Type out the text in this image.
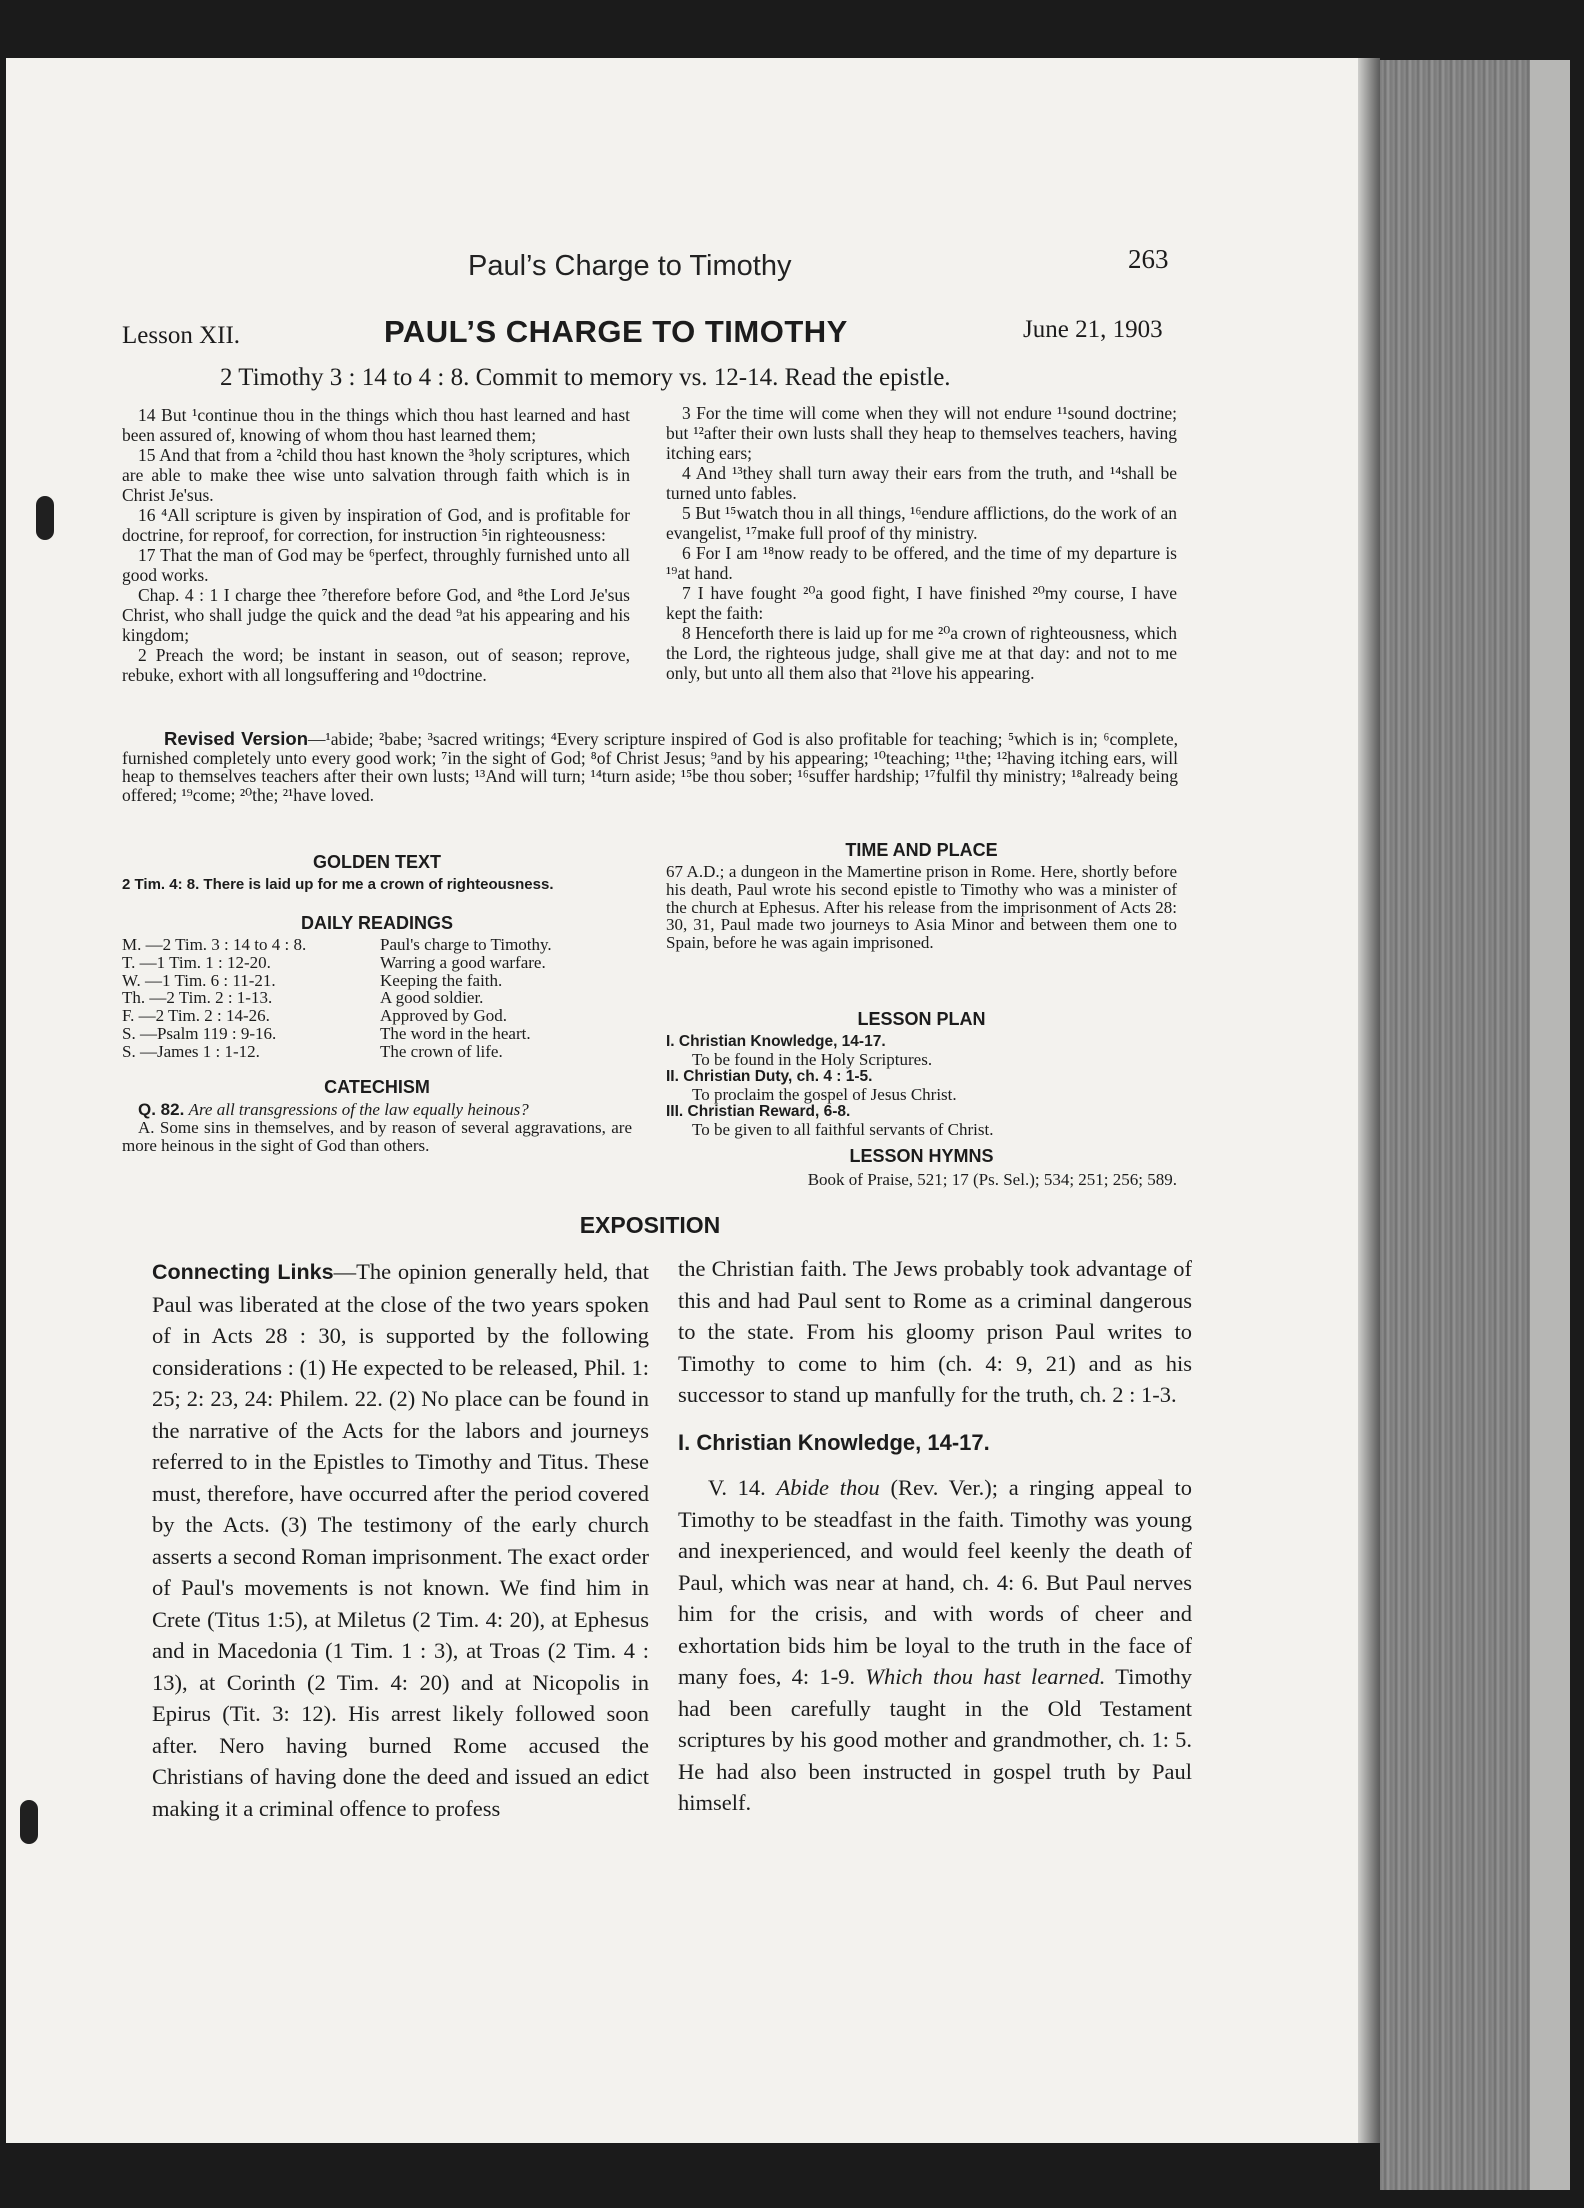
Paul’s Charge to Timothy	263
Lesson XII.	PAUL’S CHARGE TO TIMOTHY	June 21, 1903
2 Timothy 3 : 14 to 4 : 8. Commit to memory vs. 12-14. Read the epistle.

14 But ¹continue thou in the things which thou hast learned and hast been assured of, knowing of whom thou hast learned them;

15 And that from a ²child thou hast known the ³holy scriptures, which are able to make thee wise unto salvation through faith which is in Christ Je'sus.

16 ⁴All scripture is given by inspiration of God, and is profitable for doctrine, for reproof, for correction, for instruction ⁵in righteousness:

17 That the man of God may be ⁶perfect, throughly furnished unto all good works.

Chap. 4 : 1 I charge thee ⁷therefore before God, and ⁸the Lord Je'sus Christ, who shall judge the quick and the dead ⁹at his appearing and his kingdom;

2 Preach the word; be instant in season, out of season; reprove, rebuke, exhort with all longsuffering and ¹⁰doctrine.

3 For the time will come when they will not endure ¹¹sound doctrine; but ¹²after their own lusts shall they heap to themselves teachers, having itching ears;

4 And ¹³they shall turn away their ears from the truth, and ¹⁴shall be turned unto fables.

5 But ¹⁵watch thou in all things, ¹⁶endure afflictions, do the work of an evangelist, ¹⁷make full proof of thy ministry.

6 For I am ¹⁸now ready to be offered, and the time of my departure is ¹⁹at hand.

7 I have fought ²⁰a good fight, I have finished ²⁰my course, I have kept the faith:

8 Henceforth there is laid up for me ²⁰a crown of righteousness, which the Lord, the righteous judge, shall give me at that day: and not to me only, but unto all them also that ²¹love his appearing.

Revised Version—¹abide; ²babe; ³sacred writings; ⁴Every scripture inspired of God is also profitable for teaching; ⁵which is in; ⁶complete, furnished completely unto every good work; ⁷in the sight of God; ⁸of Christ Jesus; ⁹and by his appearing; ¹⁰teaching; ¹¹the; ¹²having itching ears, will heap to themselves teachers after their own lusts; ¹³And will turn; ¹⁴turn aside; ¹⁵be thou sober; ¹⁶suffer hardship; ¹⁷fulfil thy ministry; ¹⁸already being offered; ¹⁹come; ²⁰the; ²¹have loved.
GOLDEN TEXT
2 Tim. 4: 8. There is laid up for me a crown of righteousness.
DAILY READINGS
M. —2 Tim. 3 : 14 to 4 : 8.	Paul's charge to Timothy.
T. —1 Tim. 1 : 12-20.	Warring a good warfare.
W. —1 Tim. 6 : 11-21.	Keeping the faith.
Th. —2 Tim. 2 : 1-13.	A good soldier.
F. —2 Tim. 2 : 14-26.	Approved by God.
S. —Psalm 119 : 9-16.	The word in the heart.
S. —James 1 : 1-12.	The crown of life.
CATECHISM

Q. 82. Are all transgressions of the law equally heinous?

A. Some sins in themselves, and by reason of several aggravations, are more heinous in the sight of God than others.

TIME AND PLACE

67 A.D.; a dungeon in the Mamertine prison in Rome. Here, shortly before his death, Paul wrote his second epistle to Timothy who was a minister of the church at Ephesus. After his release from the imprisonment of Acts 28: 30, 31, Paul made two journeys to Asia Minor and between them one to Spain, before he was again imprisoned.

LESSON PLAN
I. Christian Knowledge, 14-17.
To be found in the Holy Scriptures.
II. Christian Duty, ch. 4 : 1-5.
To proclaim the gospel of Jesus Christ.
III. Christian Reward, 6-8.
To be given to all faithful servants of Christ.
LESSON HYMNS
Book of Praise, 521; 17 (Ps. Sel.); 534; 251; 256; 589.
EXPOSITION

Connecting Links—The opinion generally held, that Paul was liberated at the close of the two years spoken of in Acts 28 : 30, is supported by the following considerations : (1) He expected to be released, Phil. 1: 25; 2: 23, 24: Philem. 22. (2) No place can be found in the narrative of the Acts for the labors and journeys referred to in the Epistles to Timothy and Titus. These must, therefore, have occurred after the period covered by the Acts. (3) The testimony of the early church asserts a second Roman imprisonment. The exact order of Paul's movements is not known. We find him in Crete (Titus 1:5), at Miletus (2 Tim. 4: 20), at Ephesus and in Macedonia (1 Tim. 1 : 3), at Troas (2 Tim. 4 : 13), at Corinth (2 Tim. 4: 20) and at Nicopolis in Epirus (Tit. 3: 12). His arrest likely followed soon after. Nero having burned Rome accused the Christians of having done the deed and issued an edict making it a criminal offence to profess

the Christian faith. The Jews probably took advantage of this and had Paul sent to Rome as a criminal dangerous to the state. From his gloomy prison Paul writes to Timothy to come to him (ch. 4: 9, 21) and as his successor to stand up manfully for the truth, ch. 2 : 1-3.

I. Christian Knowledge, 14-17.

V. 14. Abide thou (Rev. Ver.); a ringing appeal to Timothy to be steadfast in the faith. Timothy was young and inexperienced, and would feel keenly the death of Paul, which was near at hand, ch. 4: 6. But Paul nerves him for the crisis, and with words of cheer and exhortation bids him be loyal to the truth in the face of many foes, 4: 1-9. Which thou hast learned. Timothy had been carefully taught in the Old Testament scriptures by his good mother and grandmother, ch. 1: 5. He had also been instructed in gospel truth by Paul himself.
